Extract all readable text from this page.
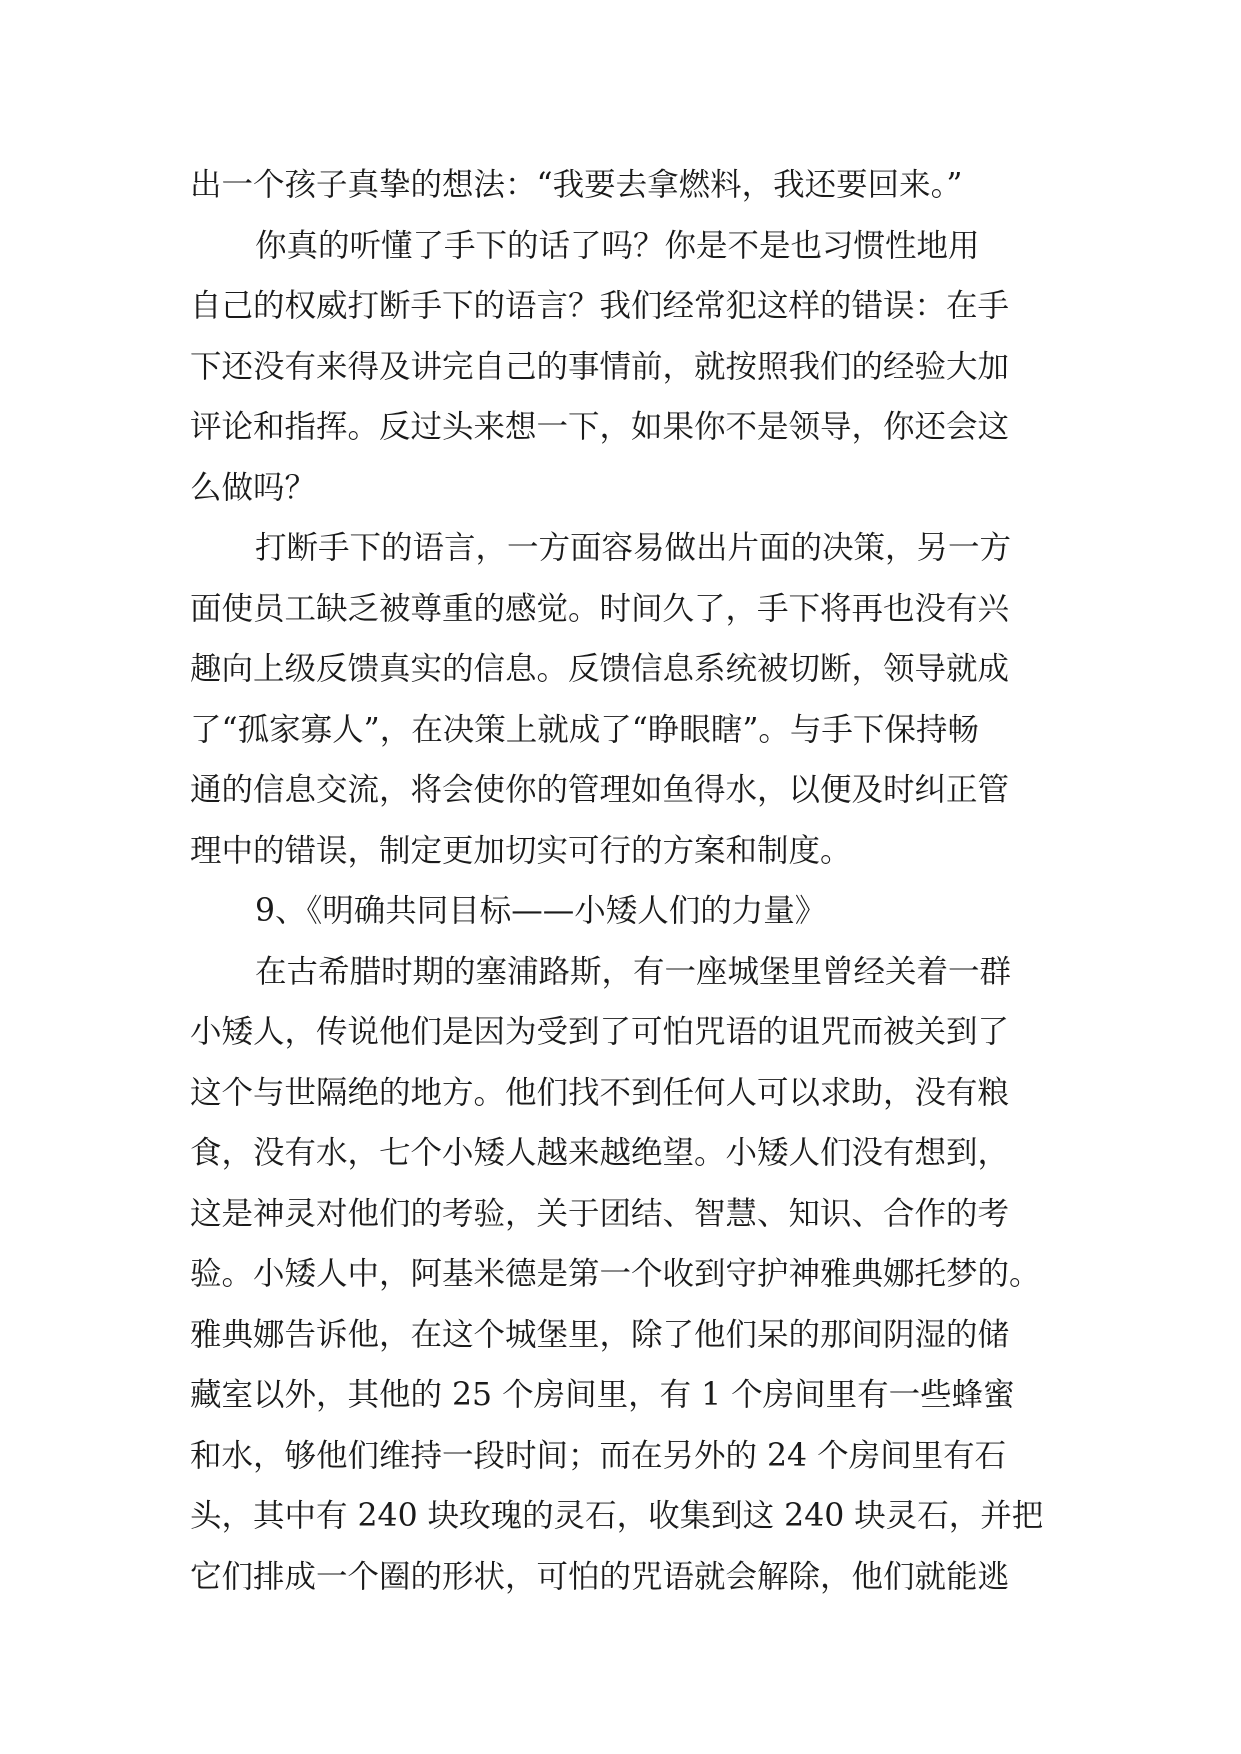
出一个孩子真挚的想法：“我要去拿燃料，我还要回来。”
你真的听懂了手下的话了吗？你是不是也习惯性地用
自己的权威打断手下的语言？我们经常犯这样的错误：在手
下还没有来得及讲完自己的事情前，就按照我们的经验大加
评论和指挥。反过头来想一下，如果你不是领导，你还会这
么做吗？
打断手下的语言，一方面容易做出片面的决策，另一方
面使员工缺乏被尊重的感觉。时间久了，手下将再也没有兴
趣向上级反馈真实的信息。反馈信息系统被切断，领导就成
了“孤家寡人”，在决策上就成了“睁眼瞎”。与手下保持畅
通的信息交流，将会使你的管理如鱼得水，以便及时纠正管
理中的错误，制定更加切实可行的方案和制度。
9、《明确共同目标——小矮人们的力量》
在古希腊时期的塞浦路斯，有一座城堡里曾经关着一群
小矮人，传说他们是因为受到了可怕咒语的诅咒而被关到了
这个与世隔绝的地方。他们找不到任何人可以求助，没有粮
食，没有水，七个小矮人越来越绝望。小矮人们没有想到，
这是神灵对他们的考验，关于团结、智慧、知识、合作的考
验。小矮人中，阿基米德是第一个收到守护神雅典娜托梦的。
雅典娜告诉他，在这个城堡里，除了他们呆的那间阴湿的储
藏室以外，其他的 25 个房间里，有 1 个房间里有一些蜂蜜
和水，够他们维持一段时间；而在另外的 24 个房间里有石
头，其中有 240 块玫瑰的灵石，收集到这 240 块灵石，并把
它们排成一个圈的形状，可怕的咒语就会解除，他们就能逃
